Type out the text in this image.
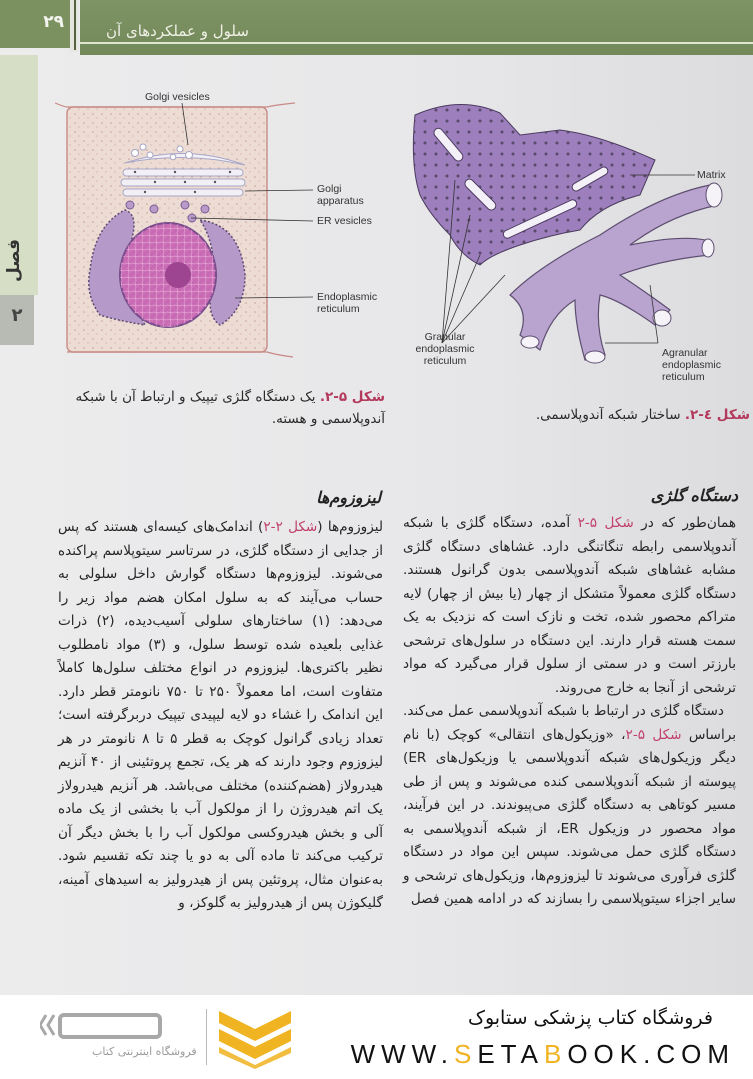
۲۹	سلول و عملکردهای آن
فصل
۲
Golgi vesicles
Golgi apparatus
ER vesicles
Endoplasmic reticulum
Matrix
Granular endoplasmic reticulum
Agranular endoplasmic reticulum
شکل ۵-۲. یک دستگاه گلژی تیپیک و ارتباط آن با شبکه آندوپلاسمی و هسته.	شکل ٤-۲. ساختار شبکه آندوپلاسمی.
دستگاه گلژی

همان‌طور که در شکل ۵-۲ آمده، دستگاه گلژی با شبکه آندوپلاسمی رابطه تنگاتنگی دارد. غشاهای دستگاه گلژی مشابه غشاهای شبکه آندوپلاسمی بدون گرانول هستند. دستگاه گلژی معمولاً متشکل از چهار (یا بیش از چهار) لایه متراکم محصور شده، تخت و نازک است که نزدیک به یک سمت هسته قرار دارند. این دستگاه در سلول‌های ترشحی بارزتر است و در سمتی از سلول قرار می‌گیرد که مواد ترشحی از آنجا به خارج می‌روند.

دستگاه گلژی در ارتباط با شبکه آندوپلاسمی عمل می‌کند. براساس شکل ۵-۲، «وزیکول‌های انتقالی» کوچک (با نام دیگر وزیکول‌های شبکه آندوپلاسمی یا وزیکول‌های ER) پیوسته از شبکه آندوپلاسمی کنده می‌شوند و پس از طی مسیر کوتاهی به دستگاه گلژی می‌پیوندند. در این فرآیند، مواد محصور در وزیکول ER، از شبکه آندوپلاسمی به دستگاه گلژی حمل می‌شوند. سپس این مواد در دستگاه گلژی فرآوری می‌شوند تا لیزوزوم‌ها، وزیکول‌های ترشحی و سایر اجزاء سیتوپلاسمی را بسازند که در ادامه همین فصل

لیزوزوم‌ها

لیزوزوم‌ها (شکل ۲-۲) اندامک‌های کیسه‌ای هستند که پس از جدایی از دستگاه گلژی، در سرتاسر سیتوپلاسم پراکنده می‌شوند. لیزوزوم‌ها دستگاه گوارش داخل سلولی به حساب می‌آیند که به سلول امکان هضم مواد زیر را می‌دهد: (۱) ساختارهای سلولی آسیب‌دیده، (۲) ذرات غذایی بلعیده شده توسط سلول، و (۳) مواد نامطلوب نظیر باکتری‌ها. لیزوزوم در انواع مختلف سلول‌ها کاملاً متفاوت است، اما معمولاً ۲۵۰ تا ۷۵۰ نانومتر قطر دارد. این اندامک را غشاء دو لایه لیپیدی تیپیک دربرگرفته است؛ تعداد زیادی گرانول کوچک به قطر ۵ تا ۸ نانومتر در هر لیزوزوم وجود دارند که هر یک، تجمع پروتئینی از ۴۰ آنزیم هیدرولاز (هضم‌کننده) مختلف می‌باشد. هر آنزیم هیدرولاز یک اتم هیدروژن را از مولکول آب با بخشی از یک ماده آلی و بخش هیدروکسی مولکول آب را با بخش دیگر آن ترکیب می‌کند تا ماده آلی به دو یا چند تکه تقسیم شود. به‌عنوان مثال، پروتئین پس از هیدرولیز به اسیدهای آمینه، گلیکوژن پس از هیدرولیز به گلوکز، و

فروشگاه اینترنتی کتاب
فروشگاه کتاب پزشکی ستابوک
WWW.SETABOOK.COM
